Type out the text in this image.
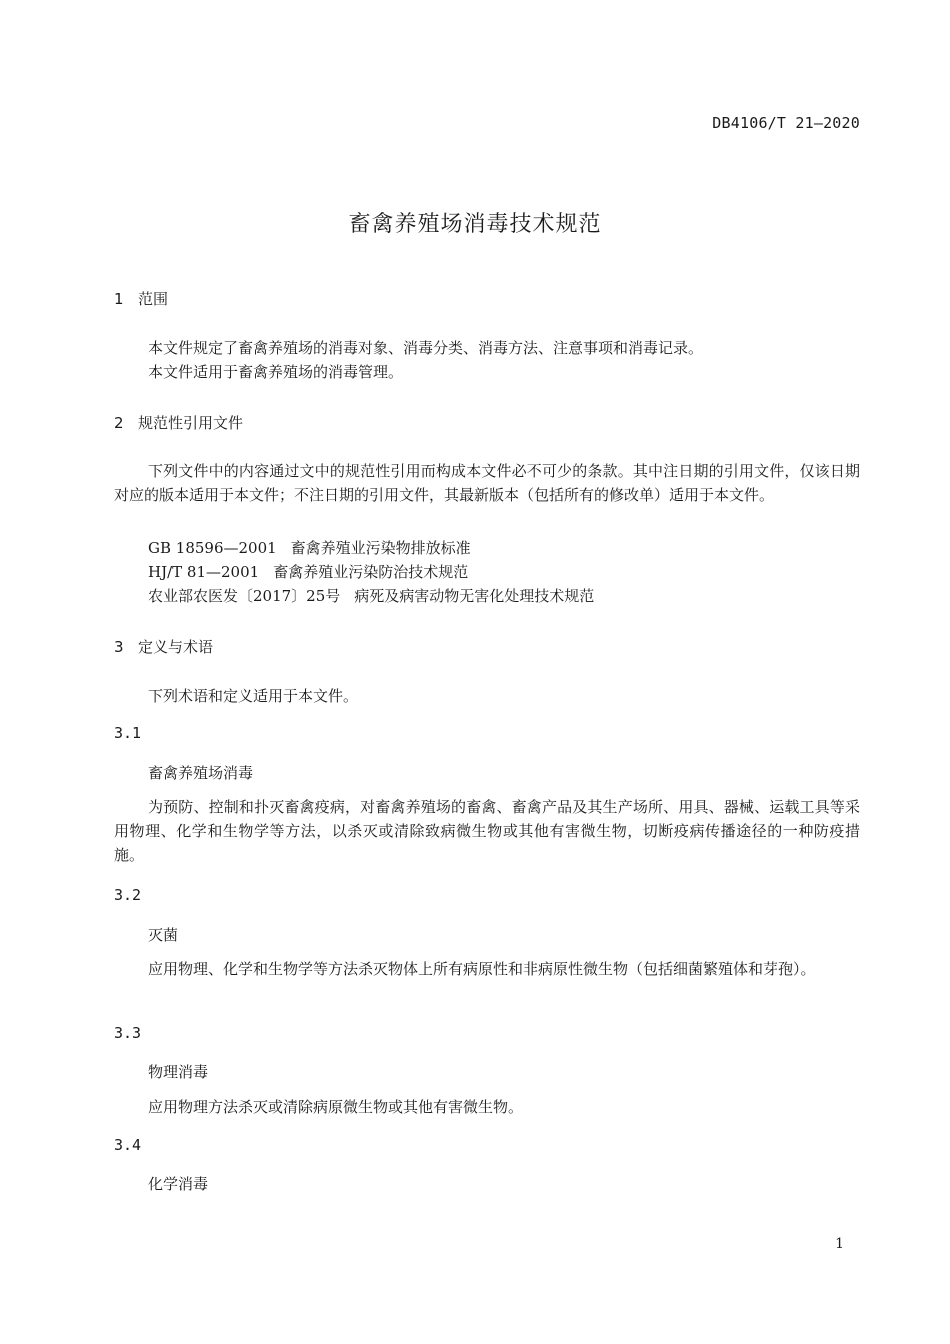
DB4106/T 21—2020
畜禽养殖场消毒技术规范
1 范围
本文件规定了畜禽养殖场的消毒对象、消毒分类、消毒方法、注意事项和消毒记录。
本文件适用于畜禽养殖场的消毒管理。
2 规范性引用文件
下列文件中的内容通过文中的规范性引用而构成本文件必不可少的条款。其中注日期的引用文件，仅该日期对应的版本适用于本文件；不注日期的引用文件，其最新版本（包括所有的修改单）适用于本文件。
GB 18596—2001 畜禽养殖业污染物排放标准
HJ/T 81—2001 畜禽养殖业污染防治技术规范
农业部农医发〔2017〕25号 病死及病害动物无害化处理技术规范
3 定义与术语
下列术语和定义适用于本文件。
3.1
畜禽养殖场消毒
为预防、控制和扑灭畜禽疫病，对畜禽养殖场的畜禽、畜禽产品及其生产场所、用具、器械、运载工具等采用物理、化学和生物学等方法，以杀灭或清除致病微生物或其他有害微生物，切断疫病传播途径的一种防疫措施。
3.2
灭菌
应用物理、化学和生物学等方法杀灭物体上所有病原性和非病原性微生物（包括细菌繁殖体和芽孢）。
3.3
物理消毒
应用物理方法杀灭或清除病原微生物或其他有害微生物。
3.4
化学消毒
1
